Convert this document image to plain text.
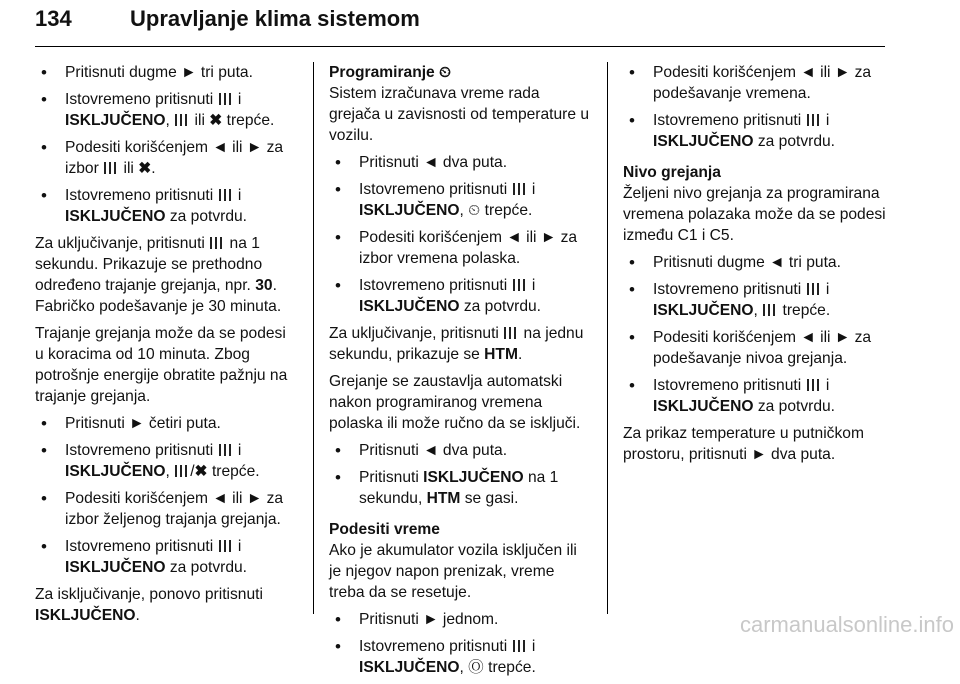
134	Upravljanje klima sistemom
• Pritisnuti dugme ► tri puta.
• Istovremeno pritisnuti  i
ISKLJUČENO,  ili ✖ trepće.
• Podesiti korišćenjem ◄ ili ► za izbor  ili ✖.
• Istovremeno pritisnuti  i
ISKLJUČENO za potvrdu.

Za uključivanje, pritisnuti  na 1 sekundu. Prikazuje se prethodno određeno trajanje grejanja, npr. 30. Fabričko podešavanje je 30 minuta.

Trajanje grejanja može da se podesi u koracima od 10 minuta. Zbog potrošnje energije obratite pažnju na trajanje grejanja.

• Pritisnuti ► četiri puta.
• Istovremeno pritisnuti  i
ISKLJUČENO, /✖ trepće.
• Podesiti korišćenjem ◄ ili ► za izbor željenog trajanja grejanja.
• Istovremeno pritisnuti  i
ISKLJUČENO za potvrdu.

Za isključivanje, ponovo pritisnuti
ISKLJUČENO.

Programiranje ⏲

Sistem izračunava vreme rada grejača u zavisnosti od temperature u vozilu.

• Pritisnuti ◄ dva puta.
• Istovremeno pritisnuti  i
ISKLJUČENO, ⏲ trepće.
• Podesiti korišćenjem ◄ ili ► za izbor vremena polaska.
• Istovremeno pritisnuti  i
ISKLJUČENO za potvrdu.

Za uključivanje, pritisnuti  na jednu sekundu, prikazuje se HTM.

Grejanje se zaustavlja automatski nakon programiranog vremena polaska ili može ručno da se isključi.

• Pritisnuti ◄ dva puta.
• Pritisnuti ISKLJUČENO na 1 sekundu, HTM se gasi.
Podesiti vreme

Ako je akumulator vozila isključen ili je njegov napon prenizak, vreme treba da se resetuje.

• Pritisnuti ► jednom.
• Istovremeno pritisnuti  i
ISKLJUČENO, Ⓞ trepće.
• Podesiti korišćenjem ◄ ili ► za podešavanje vremena.
• Istovremeno pritisnuti  i
ISKLJUČENO za potvrdu.
Nivo grejanja

Željeni nivo grejanja za programirana vremena polazaka može da se podesi između C1 i C5.

• Pritisnuti dugme ◄ tri puta.
• Istovremeno pritisnuti  i
ISKLJUČENO,  trepće.
• Podesiti korišćenjem ◄ ili ► za podešavanje nivoa grejanja.
• Istovremeno pritisnuti  i
ISKLJUČENO za potvrdu.

Za prikaz temperature u putničkom prostoru, pritisnuti ► dva puta.

carmanualsonline.info
